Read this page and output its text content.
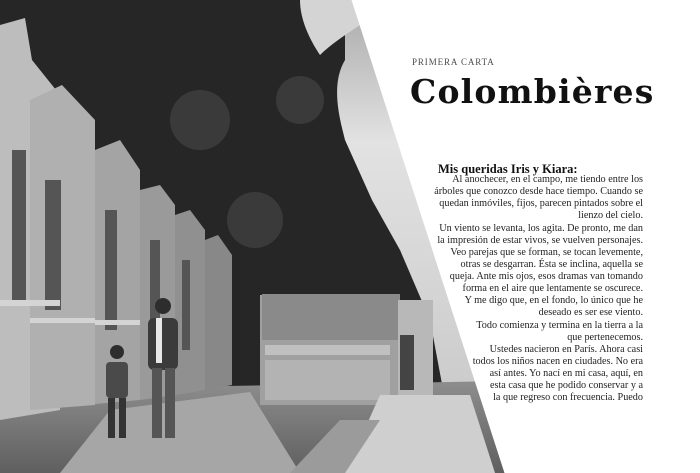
PRIMERA CARTA

Colombières

Mis queridas Iris y Kiara:

Al anochecer, en el campo, me tiendo entre los

árboles que conozco desde hace tiempo. Cuando se

quedan inmóviles, fijos, parecen pintados sobre el

lienzo del cielo.

Un viento se levanta, los agita. De pronto, me dan

la impresión de estar vivos, se vuelven personajes.

Veo parejas que se forman, se tocan levemente,

otras se desgarran. Ésta se inclina, aquella se

queja. Ante mis ojos, esos dramas van tomando

forma en el aire que lentamente se oscurece.

Y me digo que, en el fondo, lo único que he

deseado es ser ese viento.

Todo comienza y termina en la tierra a la

que pertenecemos.

Ustedes nacieron en París. Ahora casi

todos los niños nacen en ciudades. No era

así antes. Yo nací en mi casa, aquí, en

esta casa que he podido conservar y a

la que regreso con frecuencia. Puedo
